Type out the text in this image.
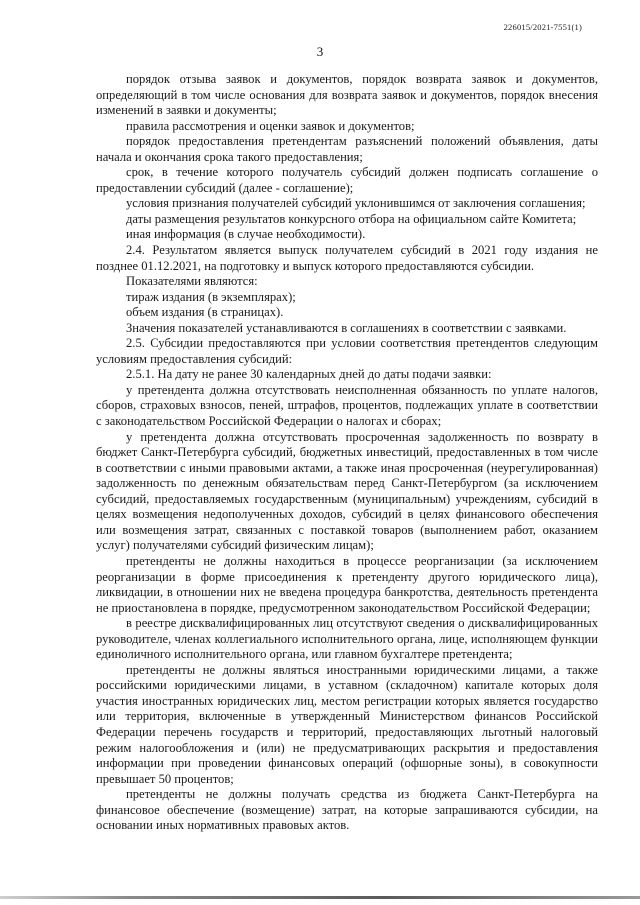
226015/2021-7551(1)
3

порядок отзыва заявок и документов, порядок возврата заявок и документов, определяющий в том числе основания для возврата заявок и документов, порядок внесения изменений в заявки и документы;

правила рассмотрения и оценки заявок и документов;

порядок предоставления претендентам разъяснений положений объявления, даты начала и окончания срока такого предоставления;

срок, в течение которого получатель субсидий должен подписать соглашение о предоставлении субсидий (далее - соглашение);

условия признания получателей субсидий уклонившимся от заключения соглашения;

даты размещения результатов конкурсного отбора на официальном сайте Комитета;

иная информация (в случае необходимости).

2.4. Результатом является выпуск получателем субсидий в 2021 году издания не позднее 01.12.2021, на подготовку и выпуск которого предоставляются субсидии.

Показателями являются:

тираж издания (в экземплярах);

объем издания (в страницах).

Значения показателей устанавливаются в соглашениях в соответствии с заявками.

2.5. Субсидии предоставляются при условии соответствия претендентов следующим условиям предоставления субсидий:

2.5.1. На дату не ранее 30 календарных дней до даты подачи заявки:

у претендента должна отсутствовать неисполненная обязанность по уплате налогов, сборов, страховых взносов, пеней, штрафов, процентов, подлежащих уплате в соответствии с законодательством Российской Федерации о налогах и сборах;

у претендента должна отсутствовать просроченная задолженность по возврату в бюджет Санкт-Петербурга субсидий, бюджетных инвестиций, предоставленных в том числе в соответствии с иными правовыми актами, а также иная просроченная (неурегулированная) задолженность по денежным обязательствам перед Санкт-Петербургом (за исключением субсидий, предоставляемых государственным (муниципальным) учреждениям, субсидий в целях возмещения недополученных доходов, субсидий в целях финансового обеспечения или возмещения затрат, связанных с поставкой товаров (выполнением работ, оказанием услуг) получателями субсидий физическим лицам);

претенденты не должны находиться в процессе реорганизации (за исключением реорганизации в форме присоединения к претенденту другого юридического лица), ликвидации, в отношении них не введена процедура банкротства, деятельность претендента не приостановлена в порядке, предусмотренном законодательством Российской Федерации;

в реестре дисквалифицированных лиц отсутствуют сведения о дисквалифицированных руководителе, членах коллегиального исполнительного органа, лице, исполняющем функции единоличного исполнительного органа, или главном бухгалтере претендента;

претенденты не должны являться иностранными юридическими лицами, а также российскими юридическими лицами, в уставном (складочном) капитале которых доля участия иностранных юридических лиц, местом регистрации которых является государство или территория, включенные в утвержденный Министерством финансов Российской Федерации перечень государств и территорий, предоставляющих льготный налоговый режим налогообложения и (или) не предусматривающих раскрытия и предоставления информации при проведении финансовых операций (офшорные зоны), в совокупности превышает 50 процентов;

претенденты не должны получать средства из бюджета Санкт-Петербурга на финансовое обеспечение (возмещение) затрат, на которые запрашиваются субсидии, на основании иных нормативных правовых актов.
